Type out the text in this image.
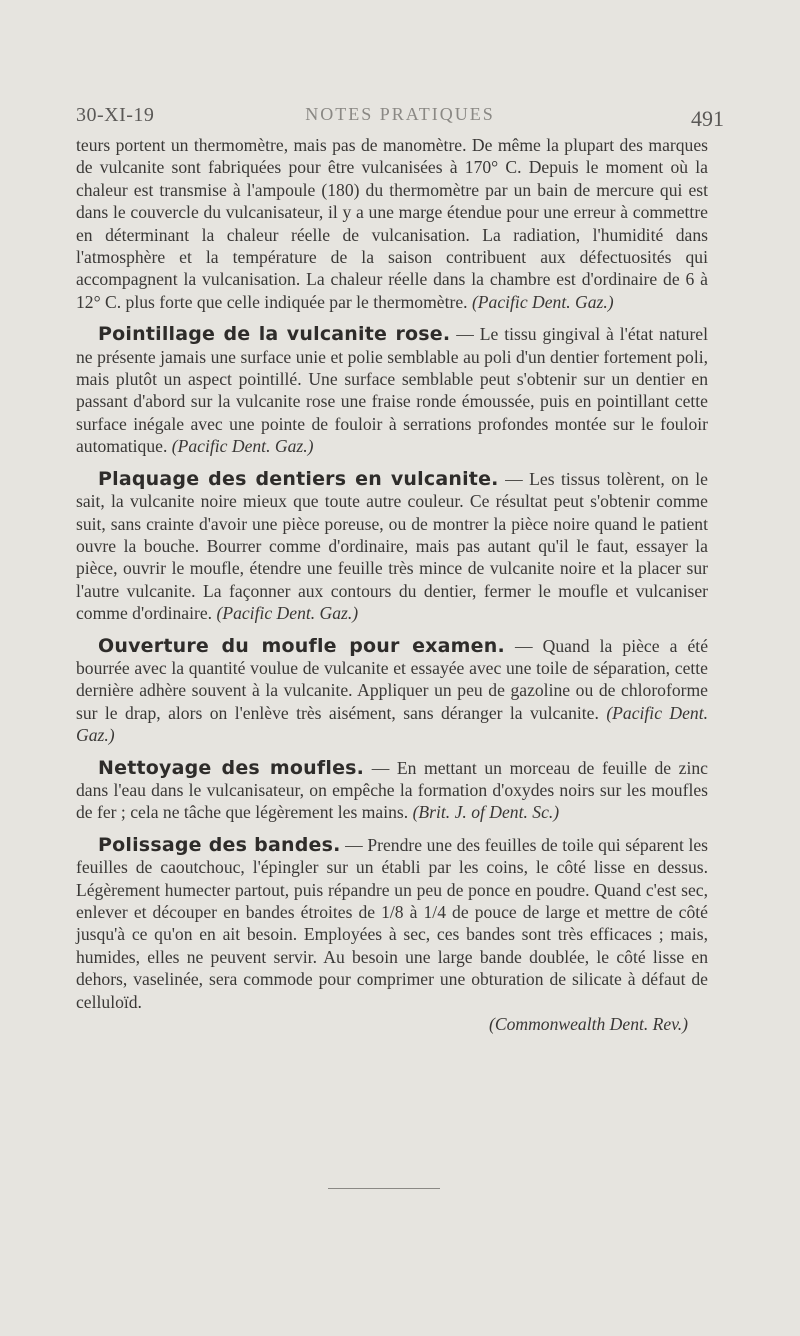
30-XI-19	NOTES PRATIQUES	491

teurs portent un thermomètre, mais pas de manomètre. De même la plupart des marques de vulcanite sont fabriquées pour être vulcanisées à 170° C. Depuis le moment où la chaleur est transmise à l'ampoule (180) du thermomètre par un bain de mercure qui est dans le couvercle du vulcanisateur, il y a une marge étendue pour une erreur à commettre en déterminant la chaleur réelle de vulcanisation. La radiation, l'humidité dans l'atmosphère et la température de la saison contribuent aux défectuosités qui accompagnent la vulcanisation. La chaleur réelle dans la chambre est d'ordinaire de 6 à 12° C. plus forte que celle indiquée par le thermomètre. (Pacific Dent. Gaz.)

Pointillage de la vulcanite rose. — Le tissu gingival à l'état naturel ne présente jamais une surface unie et polie semblable au poli d'un dentier fortement poli, mais plutôt un aspect pointillé. Une surface semblable peut s'obtenir sur un dentier en passant d'abord sur la vulcanite rose une fraise ronde émoussée, puis en pointillant cette surface inégale avec une pointe de fouloir à serrations profondes montée sur le fouloir automatique. (Pacific Dent. Gaz.)

Plaquage des dentiers en vulcanite. — Les tissus tolèrent, on le sait, la vulcanite noire mieux que toute autre couleur. Ce résultat peut s'obtenir comme suit, sans crainte d'avoir une pièce poreuse, ou de montrer la pièce noire quand le patient ouvre la bouche. Bourrer comme d'ordinaire, mais pas autant qu'il le faut, essayer la pièce, ouvrir le moufle, étendre une feuille très mince de vulcanite noire et la placer sur l'autre vulcanite. La façonner aux contours du dentier, fermer le moufle et vulcaniser comme d'ordinaire. (Pacific Dent. Gaz.)

Ouverture du moufle pour examen. — Quand la pièce a été bourrée avec la quantité voulue de vulcanite et essayée avec une toile de séparation, cette dernière adhère souvent à la vulcanite. Appliquer un peu de gazoline ou de chloroforme sur le drap, alors on l'enlève très aisément, sans déranger la vulcanite. (Pacific Dent. Gaz.)

Nettoyage des moufles. — En mettant un morceau de feuille de zinc dans l'eau dans le vulcanisateur, on empêche la formation d'oxydes noirs sur les moufles de fer ; cela ne tâche que légèrement les mains. (Brit. J. of Dent. Sc.)

Polissage des bandes. — Prendre une des feuilles de toile qui séparent les feuilles de caoutchouc, l'épingler sur un établi par les coins, le côté lisse en dessus. Légèrement humecter partout, puis répandre un peu de ponce en poudre. Quand c'est sec, enlever et découper en bandes étroites de 1/8 à 1/4 de pouce de large et mettre de côté jusqu'à ce qu'on en ait besoin. Employées à sec, ces bandes sont très efficaces ; mais, humides, elles ne peuvent servir. Au besoin une large bande doublée, le côté lisse en dehors, vaselinée, sera commode pour comprimer une obturation de silicate à défaut de celluloïd.
(Commonwealth Dent. Rev.)
